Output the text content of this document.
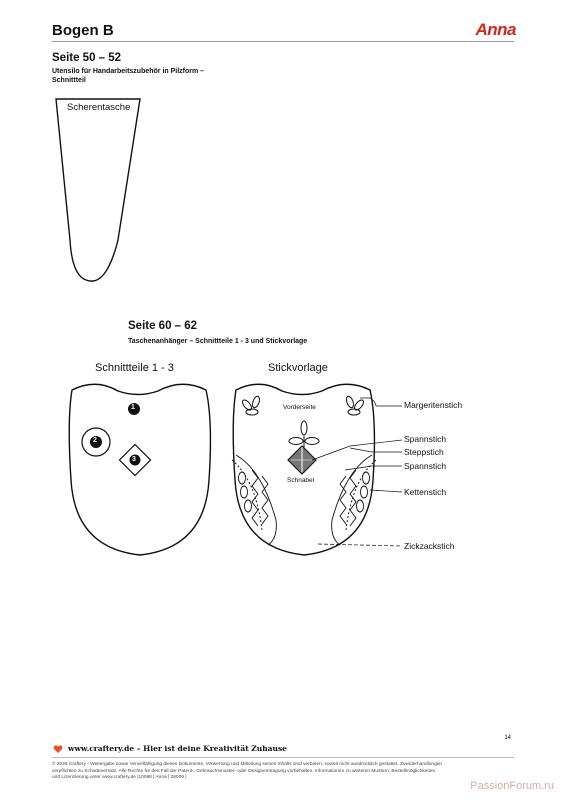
Bogen B	Anna
Seite 50 – 52
Utensilo für Handarbeitszubehör in Pilzform –
Schnittteil
Scherentasche
Seite 60 – 62
Taschenanhänger – Schnittteile 1 - 3 und Stickvorlage
Schnittteile 1 - 3	Stickvorlage
1
2
3
Vorderseite
Schnabel
Margeritenstich
Spannstich
Steppstich
Spannstich
Kettenstich
Zickzackstich
14
www.craftery.de – Hier ist deine Kreativität Zuhause
© 2026 Craftery - Weitergabe sowie Vervielfältigung dieses Dokuments, Verwertung und Mitteilung seines Inhalts sind verboten, soweit nicht ausdrücklich gestattet. Zuwiderhandlungen
verpflichten zu Schadenersatz. Alle Rechte für den Fall der Patent-, Gebrauchsmuster- oder Designeintragung vorbehalten. Informationen zu weiteren Mustern, Bestellmöglichkeiten
und Lizenzierung unter www.craftery.de |10098 | Anna | 26009 |
PassionForum.ru
